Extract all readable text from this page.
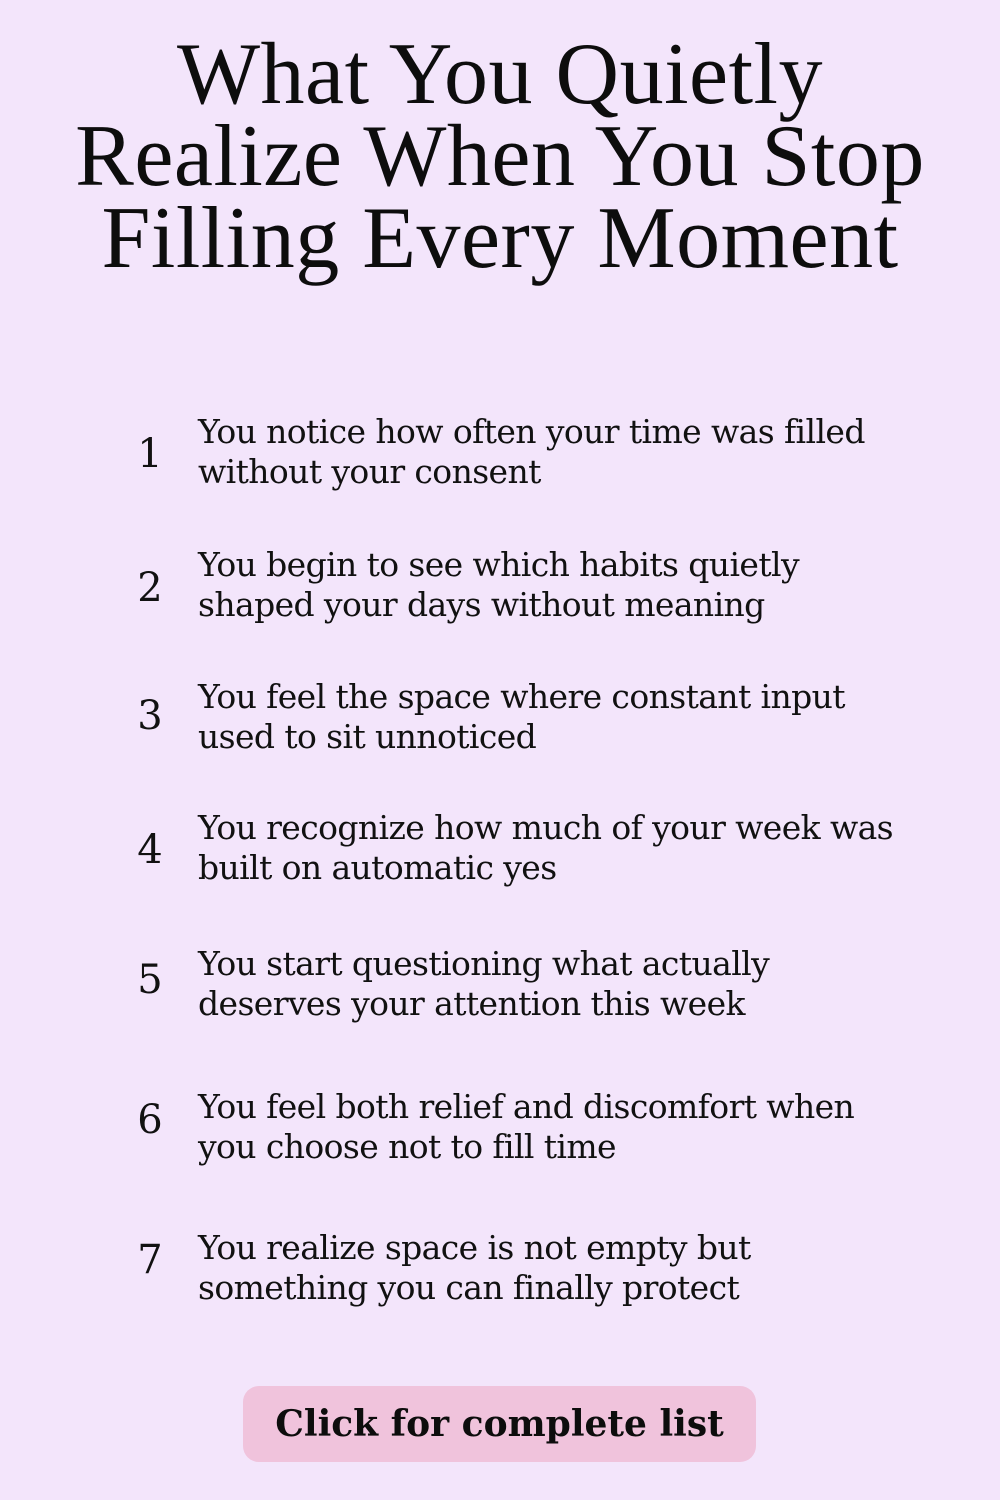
What You Quietly Realize When You Stop Filling Every Moment
1 You notice how often your time was filled without your consent
2
You begin to see which habits quietly shaped your days without meaning
3 You feel the space where constant input used to sit unnoticed
4 You recognize how much of your week was built on automatic yes
5 You start questioning what actually deserves your attention this week
6 You feel both relief and discomfort when you choose not to fill time
7 You realize space is not empty but something you can finally protect
Click for complete list
